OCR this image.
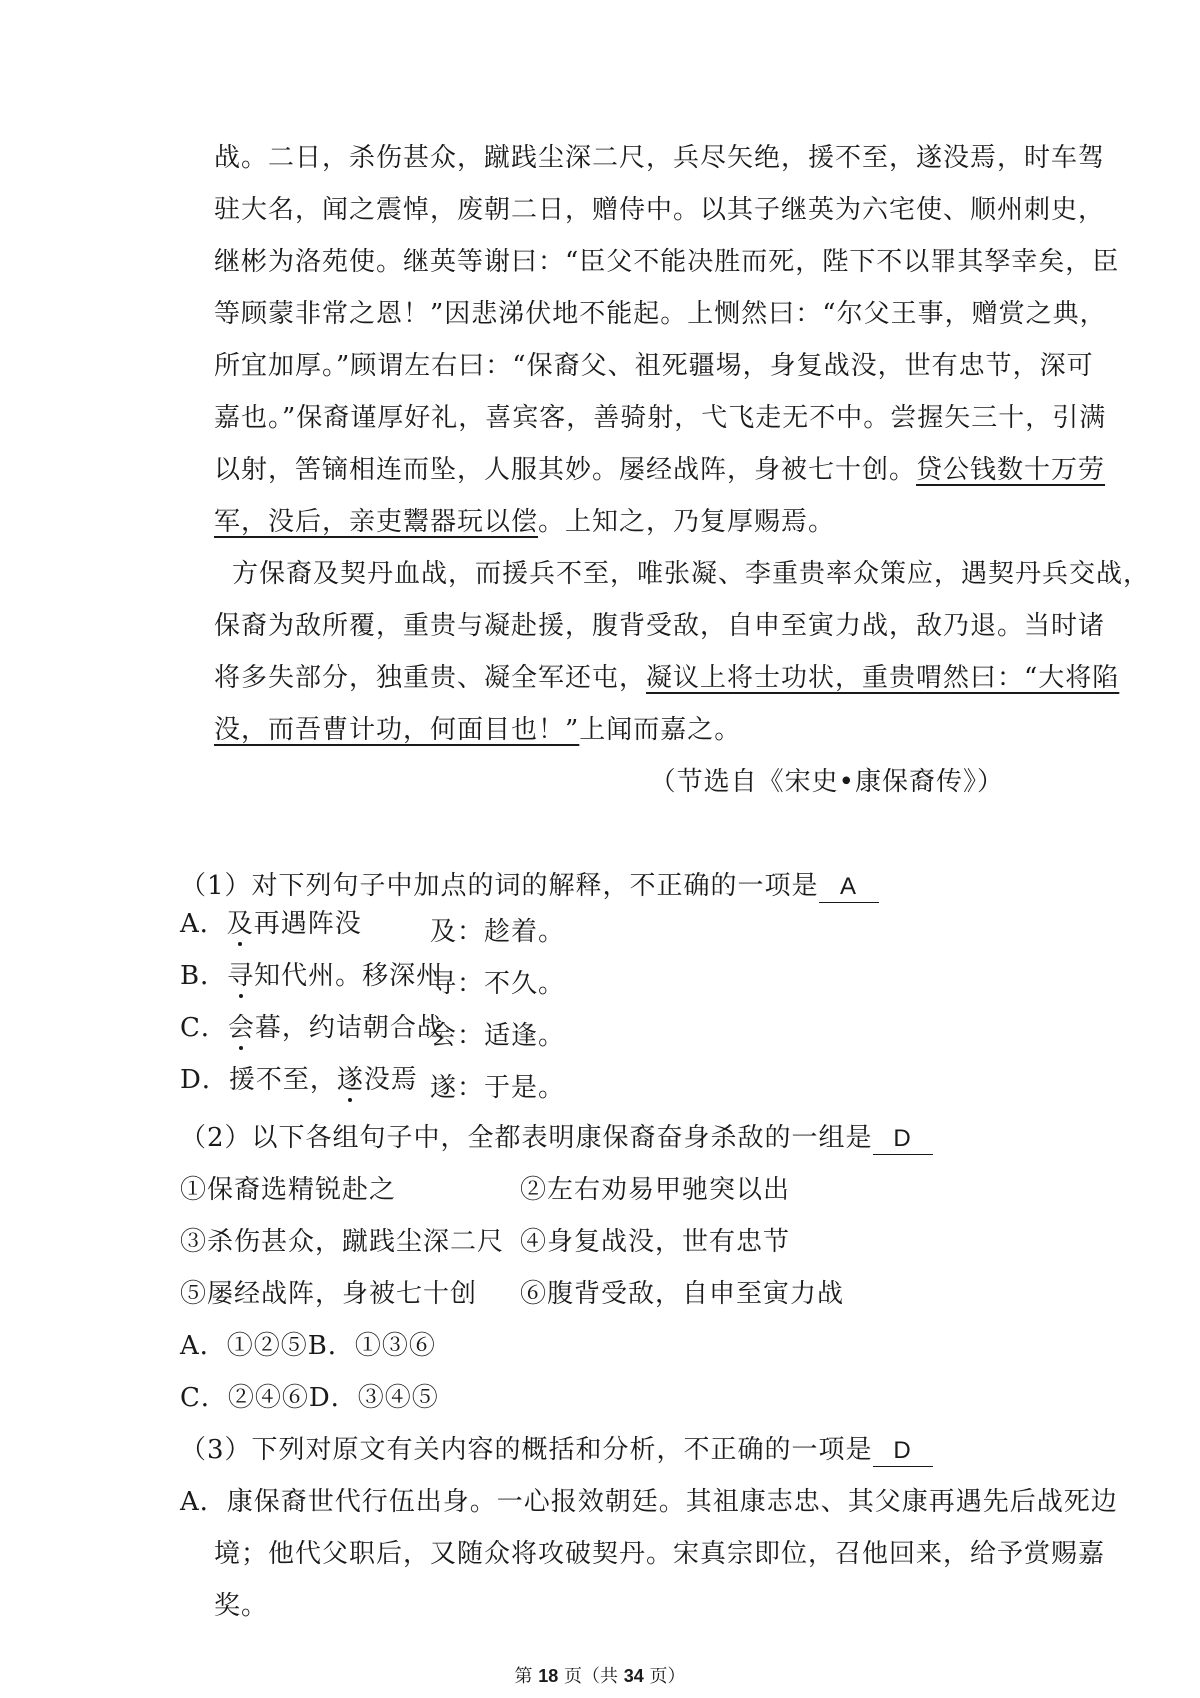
战。二日，杀伤甚众，蹴践尘深二尺，兵尽矢绝，援不至，遂没焉，时车驾
驻大名，闻之震悼，废朝二日，赠侍中。以其子继英为六宅使、顺州刺史，
继彬为洛苑使。继英等谢曰：“臣父不能决胜而死，陛下不以罪其孥幸矣，臣
等顾蒙非常之恩！”因悲涕伏地不能起。上恻然曰：“尔父王事，赠赏之典，
所宜加厚。”顾谓左右曰：“保裔父、祖死疆埸，身复战没，世有忠节，深可
嘉也。”保裔谨厚好礼，喜宾客，善骑射，弋飞走无不中。尝握矢三十，引满
以射，筈镝相连而坠，人服其妙。屡经战阵，身被七十创。贷公钱数十万劳
军，没后，亲吏鬻器玩以偿。上知之，乃复厚赐焉。
方保裔及契丹血战，而援兵不至，唯张凝、李重贵率众策应，遇契丹兵交战，
保裔为敌所覆，重贵与凝赴援，腹背受敌，自申至寅力战，敌乃退。当时诸
将多失部分，独重贵、凝全军还屯，凝议上将士功状，重贵喟然曰：“大将陷
没，而吾曹计功，何面目也！”上闻而嘉之。
（节选自《宋史•康保裔传》）
（1）对下列句子中加点的词的解释，不正确的一项是 A
A．及再遇阵没	及：趁着。
B．寻知代州。移深州
寻：不久。
C．会暮，约诘朝合战
会：适逢。
D．援不至，遂没焉 遂：于是。
（2）以下各组句子中，全都表明康保裔奋身杀敌的一组是 D
①保裔选精锐赴之	②左右劝易甲驰突以出
③杀伤甚众，蹴践尘深二尺 ④身复战没，世有忠节
⑤屡经战阵，身被七十创 ⑥腹背受敌，自申至寅力战
A．①②⑤B．①③⑥
C．②④⑥D．③④⑤
（3）下列对原文有关内容的概括和分析，不正确的一项是 D
A．康保裔世代行伍出身。一心报效朝廷。其祖康志忠、其父康再遇先后战死边
境；他代父职后，又随众将攻破契丹。宋真宗即位，召他回来，给予赏赐嘉
奖。
第 18 页（共 34 页）
